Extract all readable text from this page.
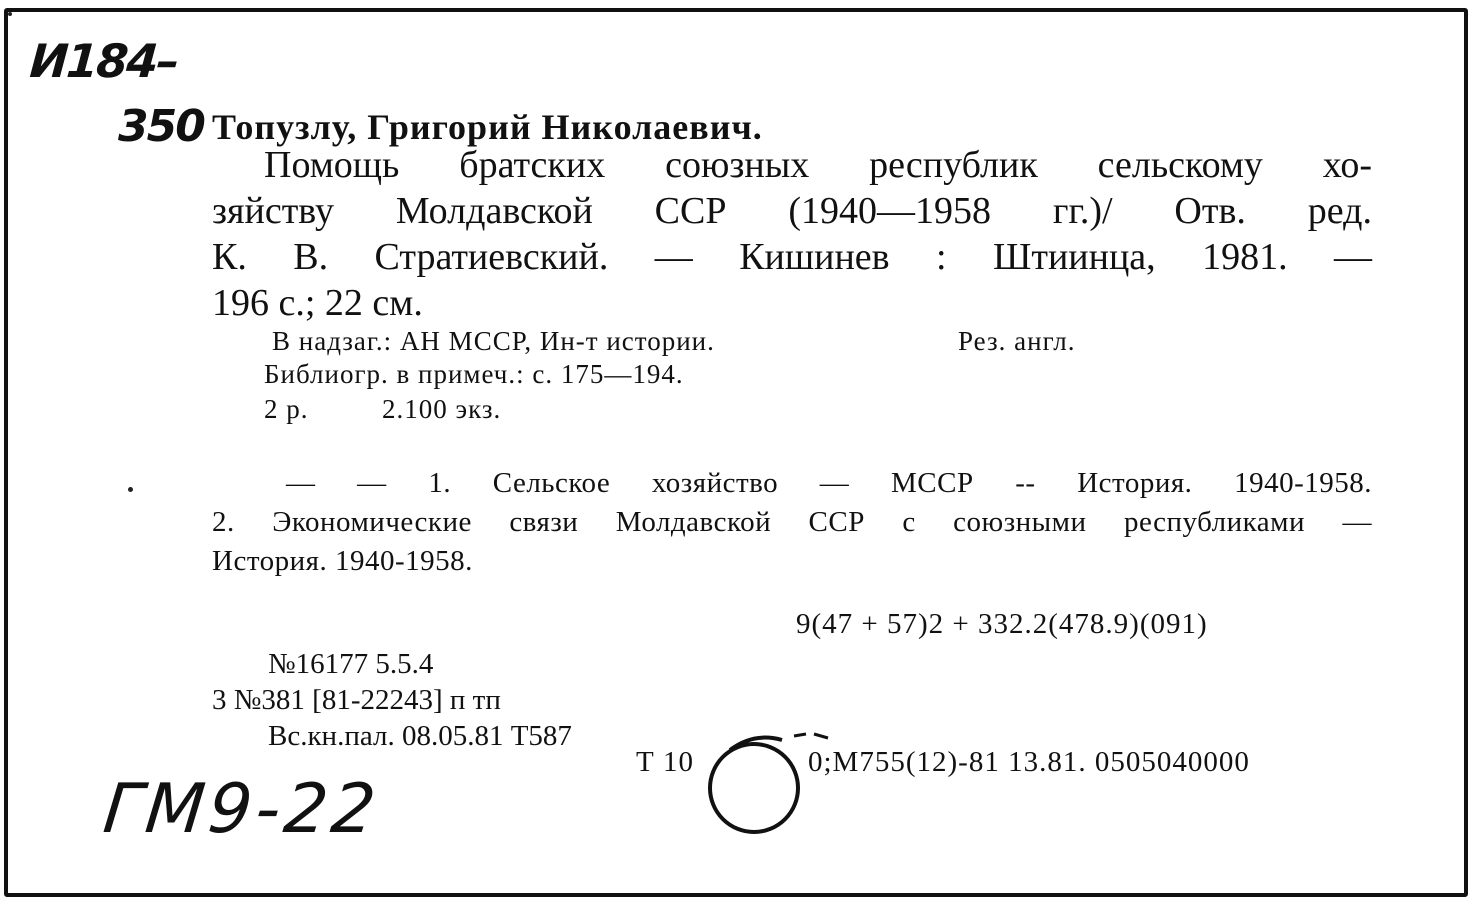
И184–
350 Топузлу, Григорий Николаевич.
Помощь братских союзных республик сельскому хо-
зяйству Молдавской ССР (1940—1958 гг.)/ Отв. ред.
К. В. Стратиевский. — Кишинев : Штиинца, 1981. —
196 с.; 22 см.
В надзаг.: АН МССР, Ин-т истории.	Рез. англ.
Библиогр. в примеч.: с. 175—194.
2 р.	2.100 экз.
— — 1. Сельское хозяйство — МССР -- История. 1940-1958.
2. Экономические связи Молдавской ССР с союзными республиками —
История. 1940-1958.
9(47 + 57)2 + 332.2(478.9)(091)
№16177 5.5.4
3 №381 [81-22243] п тп
Вс.кн.пал. 08.05.81 Т587
Т 10	0;М755(12)-81 13.81. 0505040000
ГМ9-22
